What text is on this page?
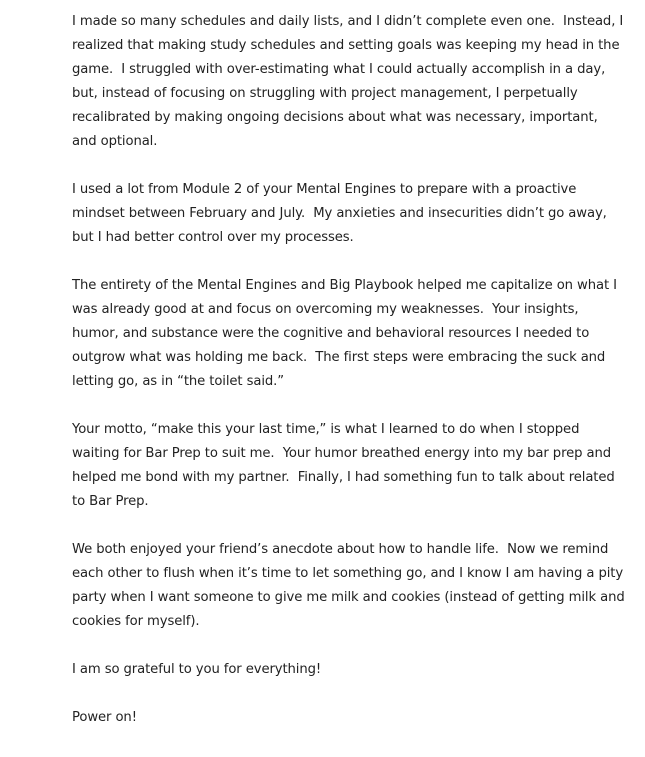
I made so many schedules and daily lists, and I didn’t complete even one.  Instead, I realized that making study schedules and setting goals was keeping my head in the game.  I struggled with over-estimating what I could actually accomplish in a day, but, instead of focusing on struggling with project management, I perpetually recalibrated by making ongoing decisions about what was necessary, important, and optional.

I used a lot from Module 2 of your Mental Engines to prepare with a proactive mindset between February and July.  My anxieties and insecurities didn’t go away, but I had better control over my processes.

The entirety of the Mental Engines and Big Playbook helped me capitalize on what I was already good at and focus on overcoming my weaknesses.  Your insights, humor, and substance were the cognitive and behavioral resources I needed to outgrow what was holding me back.  The first steps were embracing the suck and letting go, as in “the toilet said.”

Your motto, “make this your last time,” is what I learned to do when I stopped waiting for Bar Prep to suit me.  Your humor breathed energy into my bar prep and helped me bond with my partner.  Finally, I had something fun to talk about related to Bar Prep.

We both enjoyed your friend’s anecdote about how to handle life.  Now we remind each other to flush when it’s time to let something go, and I know I am having a pity party when I want someone to give me milk and cookies (instead of getting milk and cookies for myself).

I am so grateful to you for everything!

Power on!
